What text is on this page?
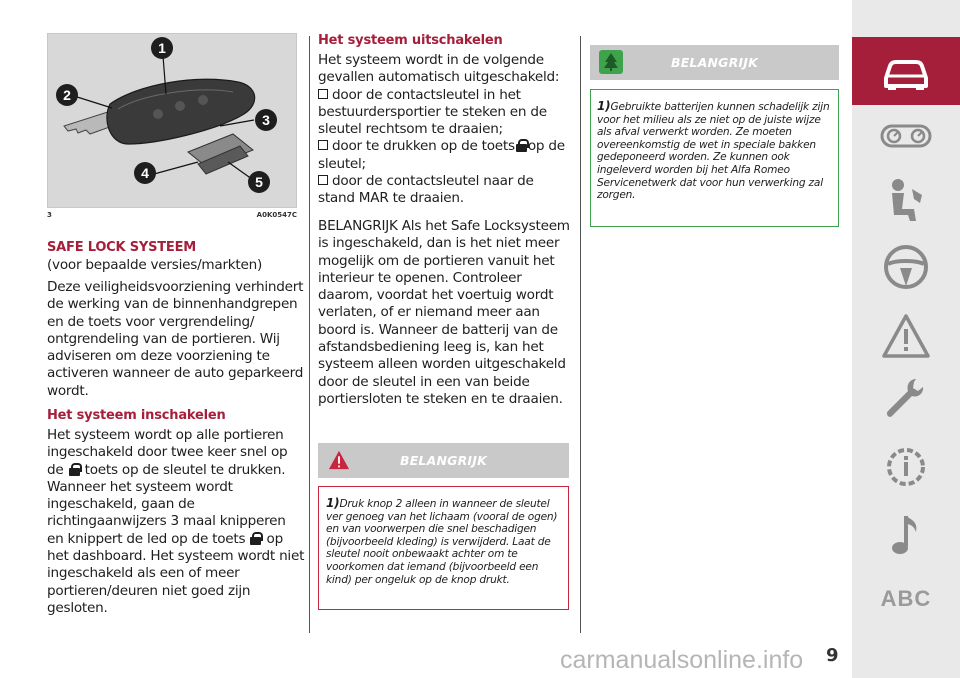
1
2
3
4
5
3	A0K0547C
SAFE LOCK SYSTEEM
(voor bepaalde versies/markten)
Deze veiligheidsvoorziening verhindert de werking van de binnenhandgrepen en de toets voor vergrendeling/ ontgrendeling van de portieren. Wij adviseren om deze voorziening te activeren wanneer de auto geparkeerd wordt.
Het systeem inschakelen
Het systeem wordt op alle portieren ingeschakeld door twee keer snel op de toets op de sleutel te drukken. Wanneer het systeem wordt ingeschakeld, gaan de richtingaanwijzers 3 maal knipperen en knippert de led op de toets op het dashboard. Het systeem wordt niet ingeschakeld als een of meer portieren/deuren niet goed zijn gesloten.
Het systeem uitschakelen
Het systeem wordt in de volgende gevallen automatisch uitgeschakeld:
door de contactsleutel in het bestuurdersportier te steken en de sleutel rechtsom te draaien;
door te drukken op de toets op de sleutel;
door de contactsleutel naar de stand MAR te draaien.
BELANGRIJK Als het Safe Locksysteem is ingeschakeld, dan is het niet meer mogelijk om de portieren vanuit het interieur te openen. Controleer daarom, voordat het voertuig wordt verlaten, of er niemand meer aan boord is. Wanneer de batterij van de afstandsbediening leeg is, kan het systeem alleen worden uitgeschakeld door de sleutel in een van beide portiersloten te steken en te draaien.
BELANGRIJK

1)Druk knop 2 alleen in wanneer de sleutel ver genoeg van het lichaam (vooral de ogen) en van voorwerpen die snel beschadigen (bijvoorbeeld kleding) is verwijderd. Laat de sleutel nooit onbewaakt achter om te voorkomen dat iemand (bijvoorbeeld een kind) per ongeluk op de knop drukt.

BELANGRIJK

1)Gebruikte batterijen kunnen schadelijk zijn voor het milieu als ze niet op de juiste wijze als afval verwerkt worden. Ze moeten overeenkomstig de wet in speciale bakken gedeponeerd worden. Ze kunnen ook ingeleverd worden bij het Alfa Romeo Servicenetwerk dat voor hun verwerking zal zorgen.

ABC
9
carmanualsonline.info
